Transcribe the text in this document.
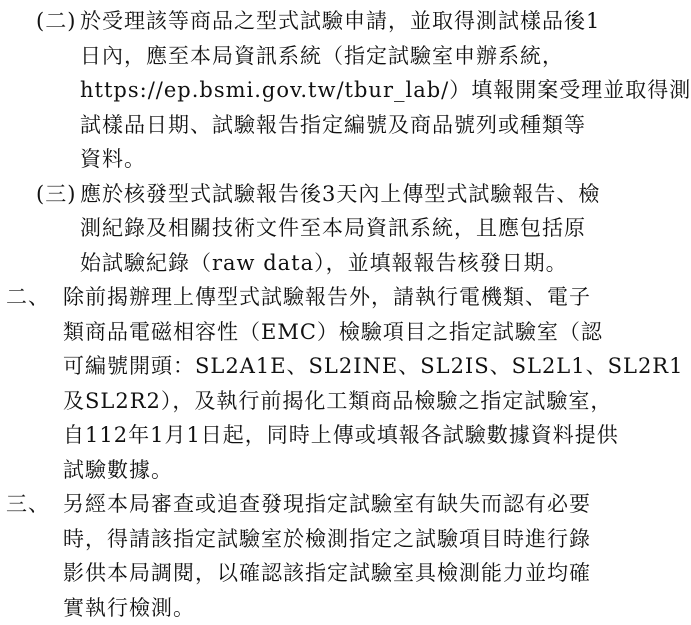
(二) 於受理該等商品之型式試驗申請，並取得測試樣品後1
日內，應至本局資訊系統（指定試驗室申辦系統，
https://ep.bsmi.gov.tw/tbur_lab/）填報開案受理並取得測
試樣品日期、試驗報告指定編號及商品號列或種類等
資料。
(三) 應於核發型式試驗報告後3天內上傳型式試驗報告、檢
測紀錄及相關技術文件至本局資訊系統，且應包括原
始試驗紀錄（raw data），並填報報告核發日期。
二、 除前揭辦理上傳型式試驗報告外，請執行電機類、電子
類商品電磁相容性（EMC）檢驗項目之指定試驗室（認
可編號開頭：SL2A1E、SL2INE、SL2IS、SL2L1、SL2R1
及SL2R2），及執行前揭化工類商品檢驗之指定試驗室，
自112年1月1日起，同時上傳或填報各試驗數據資料提供
試驗數據。
三、 另經本局審查或追查發現指定試驗室有缺失而認有必要
時，得請該指定試驗室於檢測指定之試驗項目時進行錄
影供本局調閱，以確認該指定試驗室具檢測能力並均確
實執行檢測。
